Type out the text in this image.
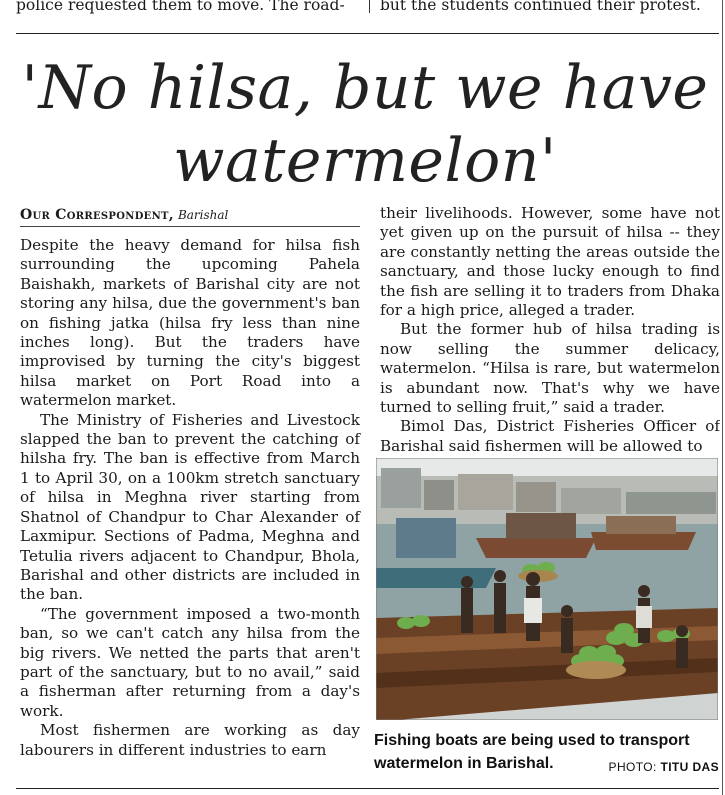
police requested them to move. The road-	but the students continued their protest.
'No hilsa, but we have
watermelon'
Our Correspondent, Barishal

Despite the heavy demand for hilsa fish surrounding the upcoming Pahela Baishakh, markets of Barishal city are not storing any hilsa, due the government's ban on fishing jatka (hilsa fry less than nine inches long). But the traders have improvised by turning the city's biggest hilsa market on Port Road into a watermelon market.

The Ministry of Fisheries and Livestock slapped the ban to prevent the catching of hilsha fry. The ban is effective from March 1 to April 30, on a 100km stretch sanctuary of hilsa in Meghna river starting from Shatnol of Chandpur to Char Alexander of Laxmipur. Sections of Padma, Meghna and Tetulia rivers adjacent to Chandpur, Bhola, Barishal and other districts are included in the ban.

“The government imposed a two-month ban, so we can't catch any hilsa from the big rivers. We netted the parts that aren't part of the sanctuary, but to no avail,” said a fisherman after returning from a day's work.

Most fishermen are working as day labourers in different industries to earn

their livelihoods. However, some have not yet given up on the pursuit of hilsa -- they are constantly netting the areas outside the sanctuary, and those lucky enough to find the fish are selling it to traders from Dhaka for a high price, alleged a trader.

But the former hub of hilsa trading is now selling the summer delicacy, watermelon. “Hilsa is rare, but watermelon is abundant now. That's why we have turned to selling fruit,” said a trader.

Bimol Das, District Fisheries Officer of Barishal said fishermen will be allowed to

Fishing boats are being used to transport watermelon in Barishal.	PHOTO: TITU DAS
